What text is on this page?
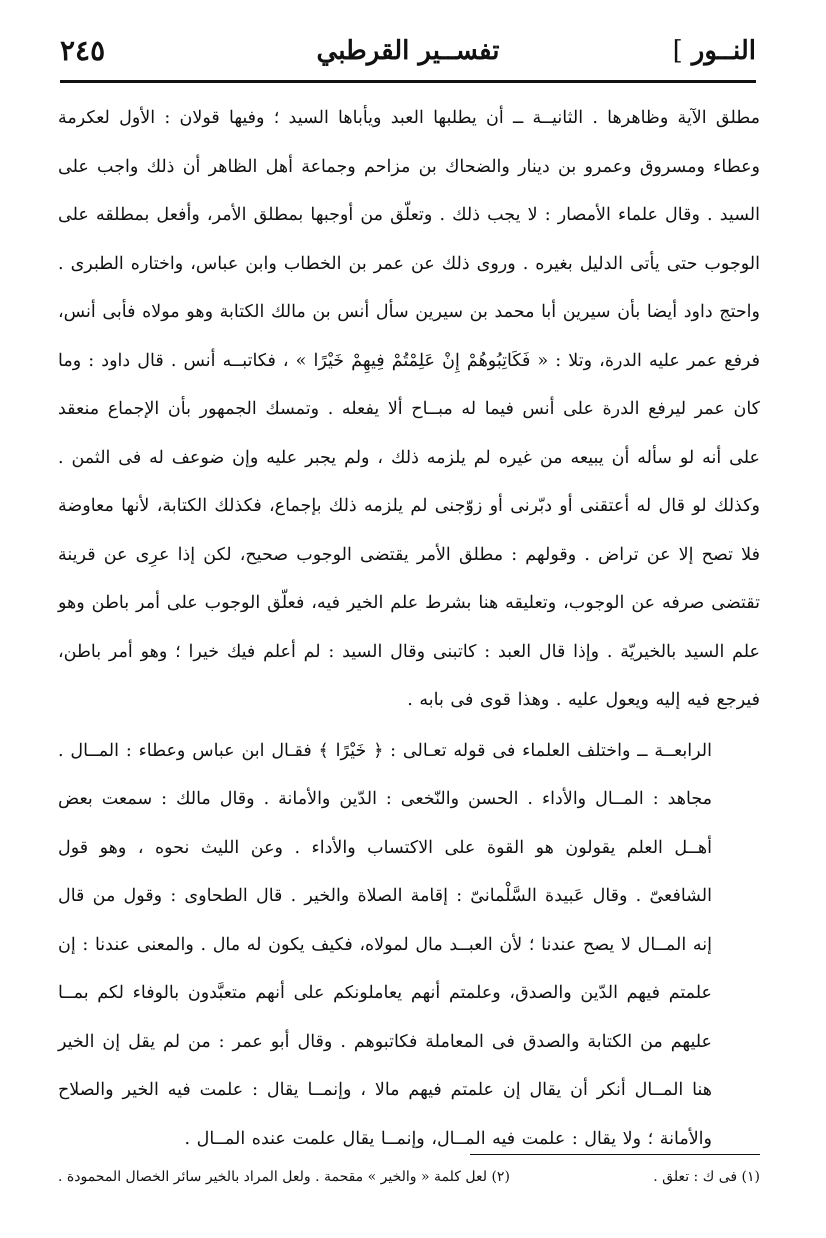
النــور ]
تفســير القرطبي
٢٤٥

مطلق الآية وظاهرها . الثانيــة ــ أن يطلبها العبد ويأباها السيد ؛ وفيها قولان : الأول لعكرمة وعطاء ومسروق وعمرو بن دينار والضحاك بن مزاحم وجماعة أهل الظاهر أن ذلك واجب على السيد . وقال علماء الأمصار : لا يجب ذلك . وتعلّق من أوجبها بمطلق الأمر، وأفعل بمطلقه على الوجوب حتى يأتى الدليل بغيره . وروى ذلك عن عمر بن الخطاب وابن عباس، واختاره الطبرى . واحتج داود أيضا بأن سيرين أبا محمد بن سيرين سأل أنس بن مالك الكتابة وهو مولاه فأبى أنس، فرفع عمر عليه الدرة، وتلا : « فَكَاتِبُوهُمْ إِنْ عَلِمْتُمْ فِيهِمْ خَيْرًا » ، فكاتبــه أنس . قال داود : وما كان عمر ليرفع الدرة على أنس فيما له مبــاح ألا يفعله . وتمسك الجمهور بأن الإجماع منعقد على أنه لو سأله أن يبيعه من غيره لم يلزمه ذلك ، ولم يجبر عليه وإن ضوعف له فى الثمن . وكذلك لو قال له أعتقنى أو دبّرنى أو زوّجنى لم يلزمه ذلك بإجماع، فكذلك الكتابة، لأنها معاوضة فلا تصح إلا عن تراض . وقولهم : مطلق الأمر يقتضى الوجوب صحيح، لكن إذا عرِى عن قرينة تقتضى صرفه عن الوجوب، وتعليقه هنا بشرط علم الخير فيه، فعلّق الوجوب على أمر باطن وهو علم السيد بالخيريّة . وإذا قال العبد : كاتبنى وقال السيد : لم أعلم فيك خيرا ؛ وهو أمر باطن، فيرجع فيه إليه ويعول عليه . وهذا قوى فى بابه .

الرابعــة ــ واختلف العلماء فى قوله تعـالى : ﴿ خَيْرًا ﴾ فقـال ابن عباس وعطاء : المــال . مجاهد : المــال والأداء . الحسن والنّخعى : الدّين والأمانة . وقال مالك : سمعت بعض أهــل العلم يقولون هو القوة على الاكتساب والأداء . وعن الليث نحوه ، وهو قول الشافعىّ . وقال عَبيدة السَّلْمانىّ : إقامة الصلاة والخير . قال الطحاوى : وقول من قال إنه المــال لا يصح عندنا ؛ لأن العبــد مال لمولاه، فكيف يكون له مال . والمعنى عندنا : إن علمتم فيهم الدّين والصدق، وعلمتم أنهم يعاملونكم على أنهم متعبَّدون بالوفاء لكم بمــا عليهم من الكتابة والصدق فى المعاملة فكاتبوهم . وقال أبو عمر : من لم يقل إن الخير هنا المــال أنكر أن يقال إن علمتم فيهم مالا ، وإنمــا يقال : علمت فيه الخير والصلاح والأمانة ؛ ولا يقال : علمت فيه المــال، وإنمــا يقال علمت عنده المــال .

(١) فى ك : تعلق .
(٢) لعل كلمة « والخير » مقحمة . ولعل المراد بالخير سائر الخصال المحمودة .
